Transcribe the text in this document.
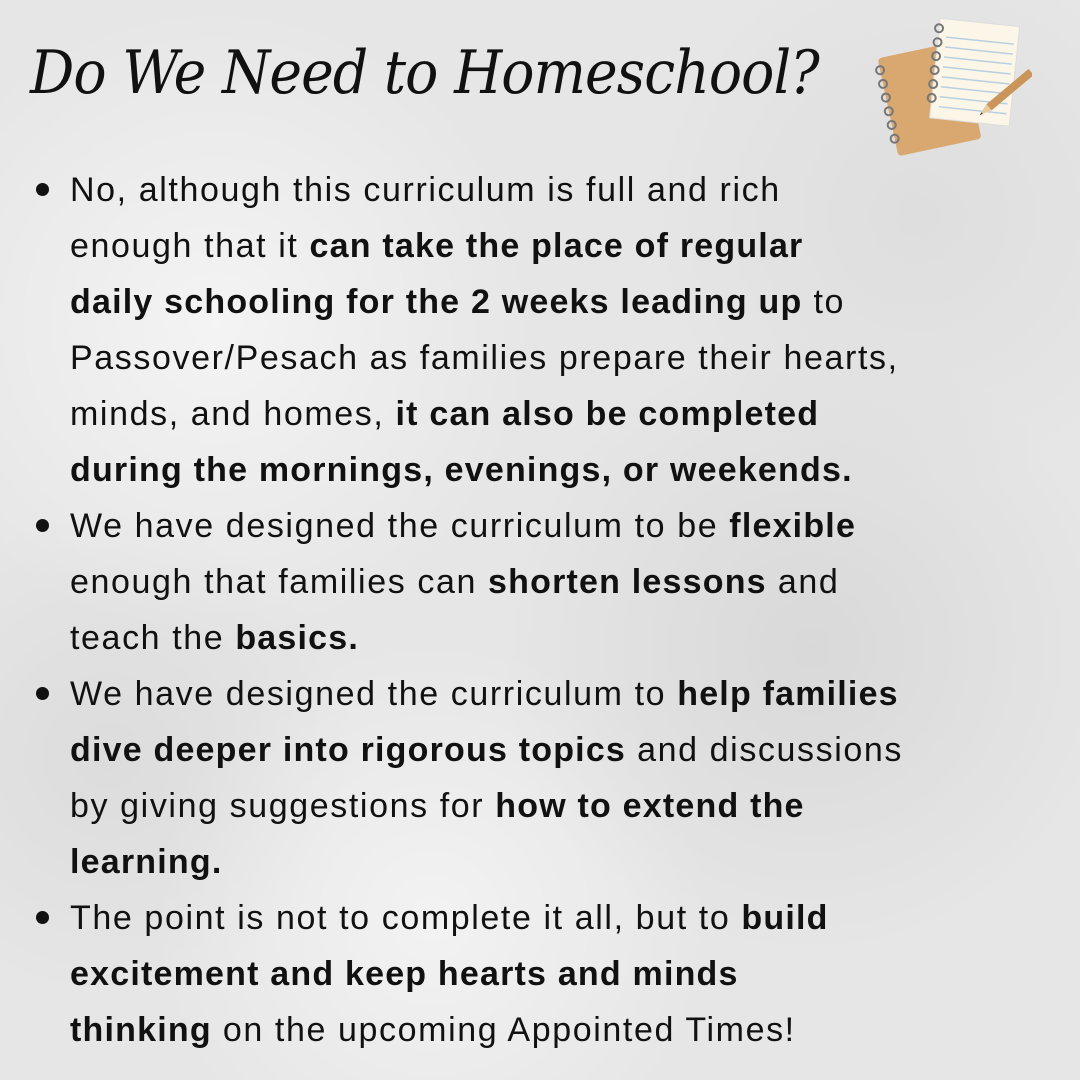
Do We Need to Homeschool?
No, although this curriculum is full and rich
enough that it can take the place of regular
daily schooling for the 2 weeks leading up to
Passover/Pesach as families prepare their hearts,
minds, and homes, it can also be completed
during the mornings, evenings, or weekends.
We have designed the curriculum to be flexible
enough that families can shorten lessons and
teach the basics.
We have designed the curriculum to help families
dive deeper into rigorous topics and discussions
by giving suggestions for how to extend the
learning.
The point is not to complete it all, but to build
excitement and keep hearts and minds
thinking on the upcoming Appointed Times!
